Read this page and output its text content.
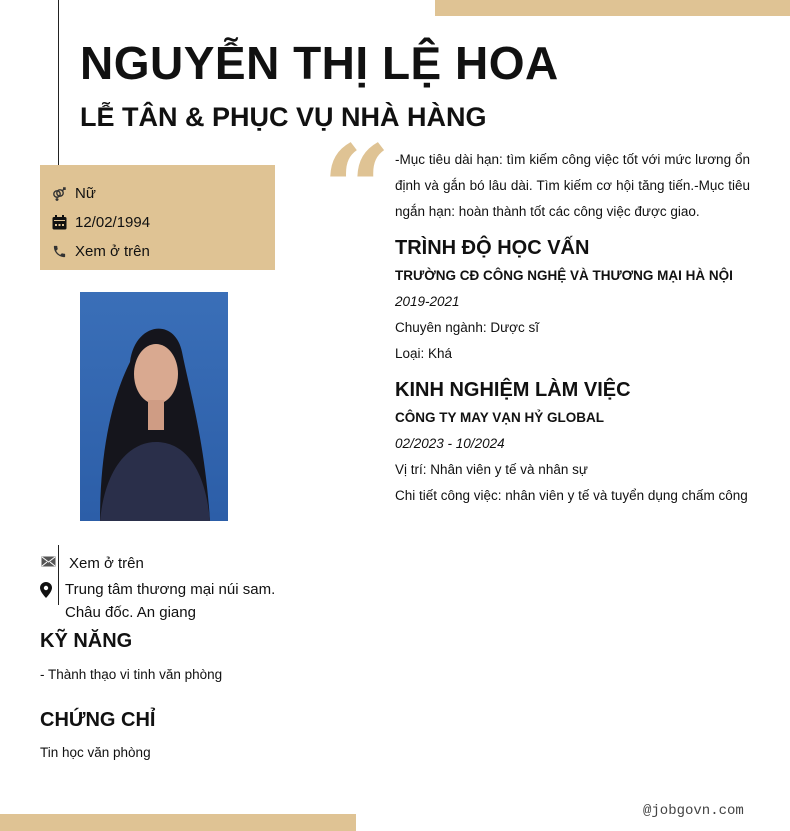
NGUYỄN THỊ LỆ HOA
LỄ TÂN & PHỤC VỤ NHÀ HÀNG
Nữ
12/02/1994
Xem ở trên
Xem ở trên
Trung tâm thương mại núi sam. Châu đốc. An giang
KỸ NĂNG
- Thành thạo vi tinh văn phòng
CHỨNG CHỈ
Tin học văn phòng
“ -Mục tiêu dài hạn: tìm kiếm công việc tốt với mức lương ổn định và gắn bó lâu dài. Tìm kiếm cơ hội tăng tiến.-Mục tiêu ngắn hạn: hoàn thành tốt các công việc được giao.

TRÌNH ĐỘ HỌC VẤN
TRƯỜNG CĐ CÔNG NGHỆ VÀ THƯƠNG MẠI HÀ NỘI

2019-2021

Chuyên ngành: Dược sĩ

Loại: Khá

KINH NGHIỆM LÀM VIỆC
CÔNG TY MAY VẠN HỶ GLOBAL

02/2023 - 10/2024

Vị trí: Nhân viên y tế và nhân sự

Chi tiết công việc: nhân viên y tế và tuyển dụng chấm công

@jobgovn.com
